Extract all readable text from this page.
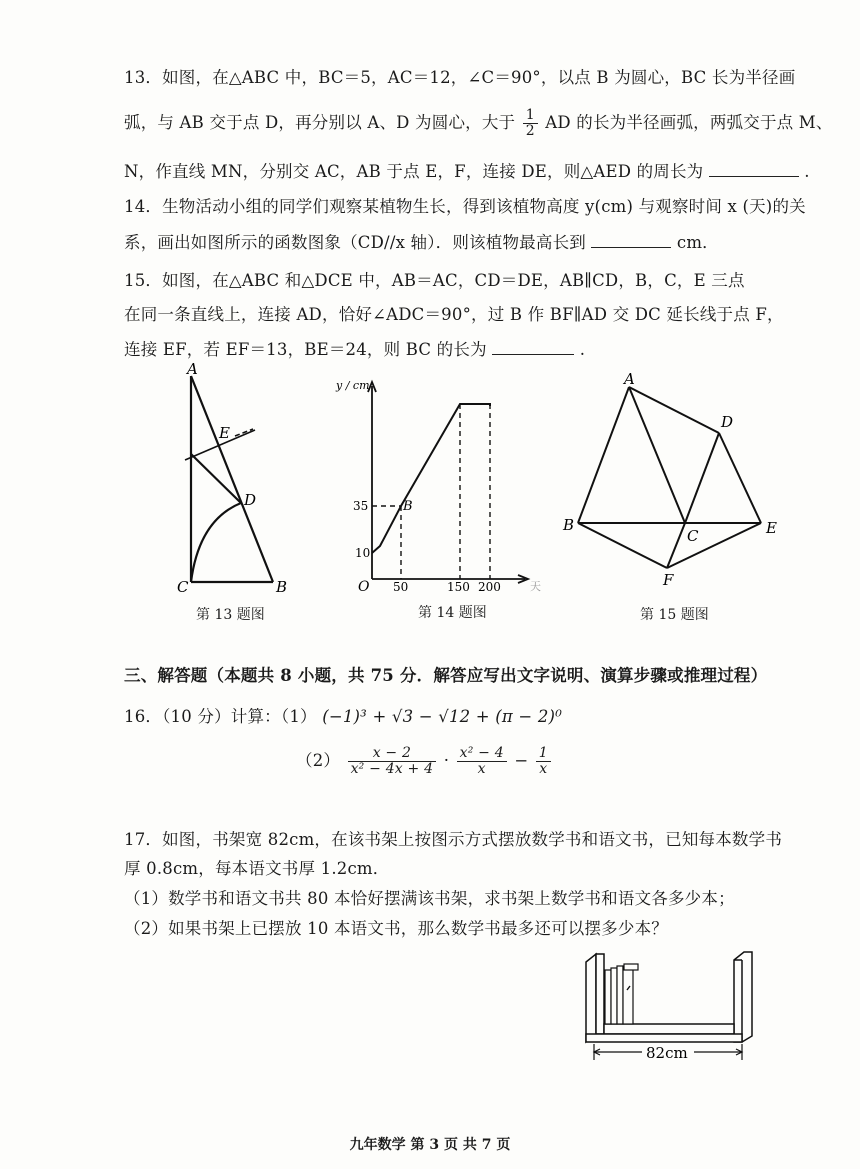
13．如图，在△ABC 中，BC＝5，AC＝12，∠C＝90°，以点 B 为圆心，BC 长为半径画
弧，与 AB 交于点 D，再分别以 A、D 为圆心，大于 $\frac{1}{2}$ AD 的长为半径画弧，两弧交于点 M、
N，作直线 MN，分别交 AC，AB 于点 E，F，连接 DE，则△AED 的周长为	.
14．生物活动小组的同学们观察某植物生长，得到该植物高度 y(cm) 与观察时间 x (天)的关
系，画出如图所示的函数图象（CD//x 轴）．则该植物最高长到	cm．
15．如图，在△ABC 和△DCE 中，AB＝AC，CD＝DE，AB∥CD，B，C，E 三点
在同一条直线上，连接 AD，恰好∠ADC＝90°，过 B 作 BF∥AD 交 DC 延长线于点 F，
连接 EF，若 EF＝13，BE＝24，则 BC 的长为	.
A
C	B
D
E
第 13 题图
y / cm
O
B
35
10
50	150 200	天
第 14 题图
A
D
B
C	E
F
第 15 题图
三、解答题（本题共 8 小题，共 75 分．解答应写出文字说明、演算步骤或推理过程）
16．（10 分）计算：（1） (−1)³ + √3 − √12 + (π − 2)⁰
$(2) \frac{x - 2}{\text{x² − 4x + 4}} \cdot \frac{\text{x² − 4}}{x} - \frac{1}{x}$
17．如图，书架宽 82cm，在该书架上按图示方式摆放数学书和语文书，已知每本数学书
厚 0.8cm，每本语文书厚 1.2cm．
（1）数学书和语文书共 80 本恰好摆满该书架，求书架上数学书和语文各多少本；
（2）如果书架上已摆放 10 本语文书，那么数学书最多还可以摆多少本？
82cm
九年数学 第 3 页 共 7 页
